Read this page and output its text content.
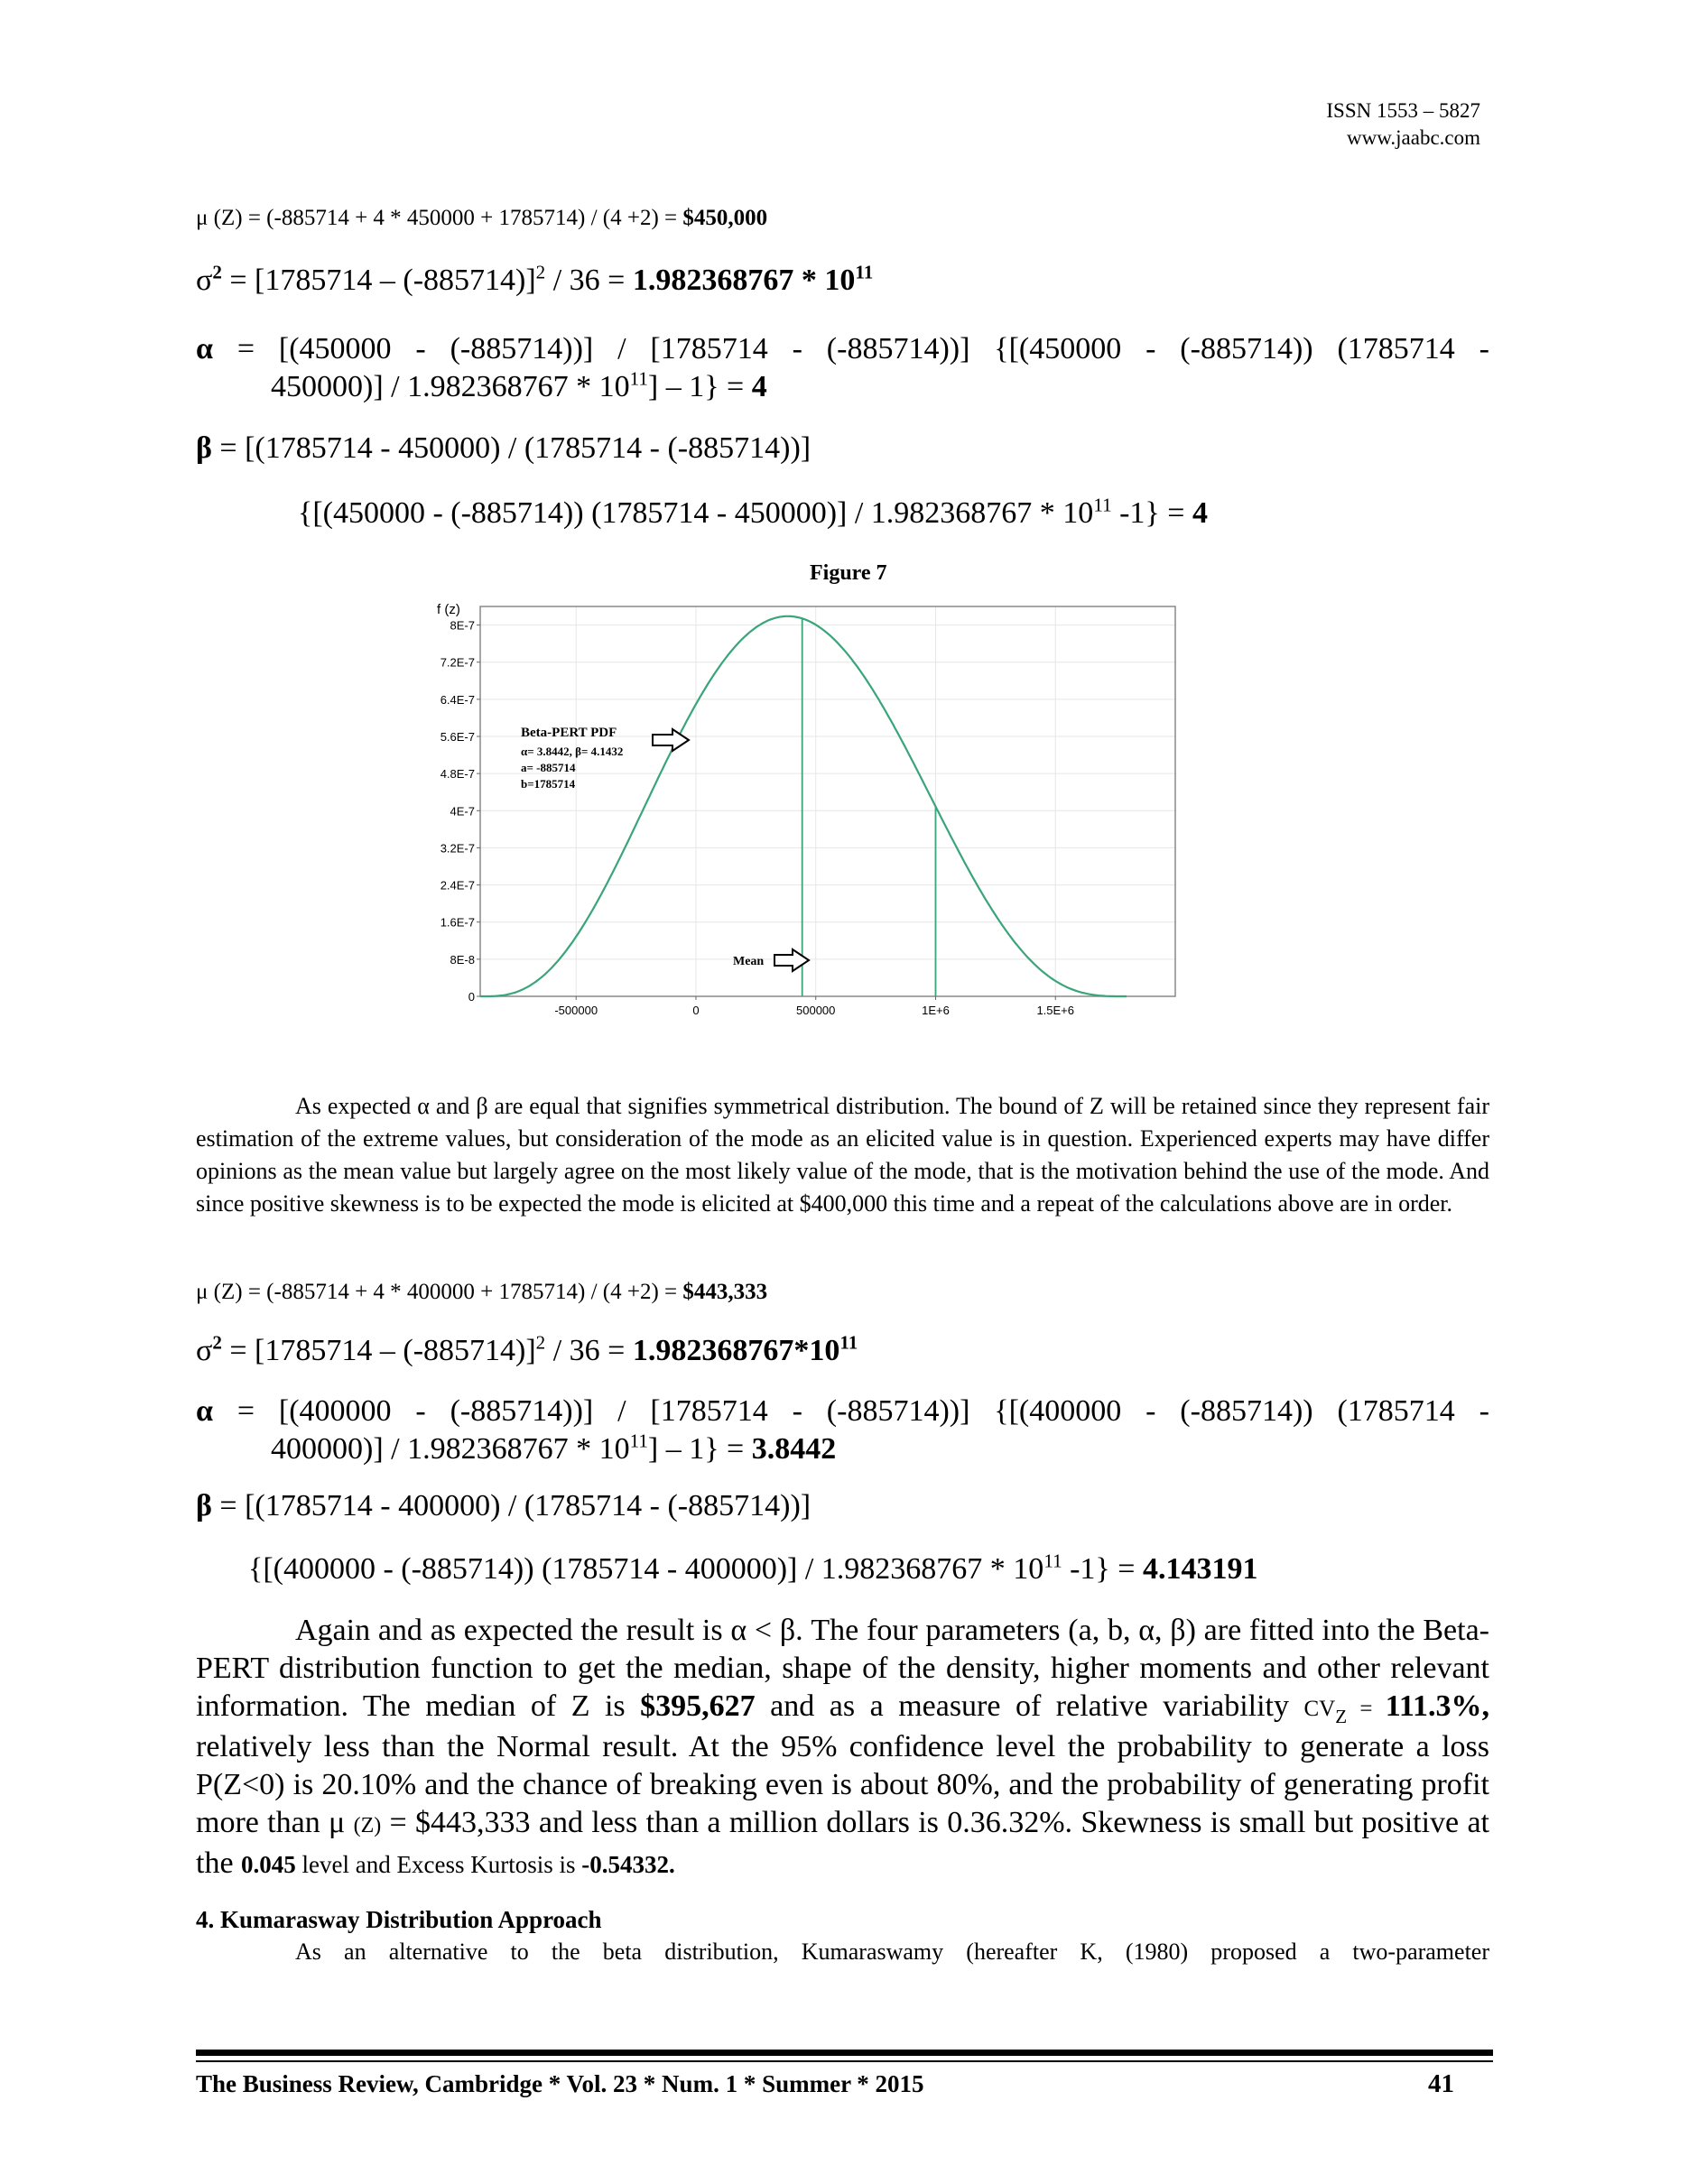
ISSN 1553 – 5827
www.jaabc.com
μ (Z) = (-885714 + 4 * 450000 + 1785714) / (4 +2) = $450,000
$\sigma^2 = [1785714 - (-885714)]^2 / 36 = 1.982368767 * 10^{11}$
α = [(450000 - (-885714))] / [1785714 - (-885714))] {[(450000 - (-885714)) (1785714 -
$450000)] / 1.982368767 * 10^{11}] - 1\} = 4$
β = [(1785714 - 450000) / (1785714 - (-885714))]
{[(450000 - (-885714)) $(1785714 - 450000)] / 1.982368767 * 10^{11}$ -1} = 4
Figure 7
0
8E-8
1.6E-7
2.4E-7
3.2E-7
4E-7
4.8E-7
5.6E-7
6.4E-7
7.2E-7
8E-7
-500000	0	500000	1E+6	1.5E+6
f (z)
Beta-PERT PDF
α= 3.8442, β= 4.1432
a= -885714
b=1785714
Mean
As expected α and β are equal that signifies symmetrical distribution. The bound of Z will be retained since they represent fair estimation of the extreme values, but consideration of the mode as an elicited value is in question. Experienced experts may have differ opinions as the mean value but largely agree on the most likely value of the mode, that is the motivation behind the use of the mode. And since positive skewness is to be expected the mode is elicited at $400,000 this time and a repeat of the calculations above are in order.
μ (Z) = (-885714 + 4 * 400000 + 1785714) / (4 +2) = $443,333
$\sigma^2 = [1785714 - (-885714)]^2 / 36 = 1.982368767*10^{11}$
α = [(400000 - (-885714))] / [1785714 - (-885714))] {[(400000 - (-885714)) (1785714 -
$400000)] / 1.982368767 * 10^{11}] - 1\} = 3.8442$
β = [(1785714 - 400000) / (1785714 - (-885714))]
{[(400000 - (-885714)) $(1785714 - 400000)] / 1.982368767 * 10^{11}$ -1} = 4.143191
Again and as expected the result is α < β. The four parameters (a, b, α, β) are fitted into the Beta-PERT distribution function to get the median, shape of the density, higher moments and other relevant information. The median of Z is $395,627 and as a measure of relative variability $CV_Z = 111.3\%$, relatively less than the Normal result. At the 95% confidence level the probability to generate a loss P(Z<0) is 20.10% and the chance of breaking even is about 80%, and the probability of generating profit more than μ (Z) = $443,333 and less than a million dollars is 0.36.32%. Skewness is small but positive at the 0.045 level and Excess Kurtosis is -0.54332.
4. Kumarasway Distribution Approach
As an alternative to the beta distribution, Kumaraswamy (hereafter K, (1980) proposed a two-parameter
The Business Review, Cambridge * Vol. 23 * Num. 1 * Summer * 2015	41
